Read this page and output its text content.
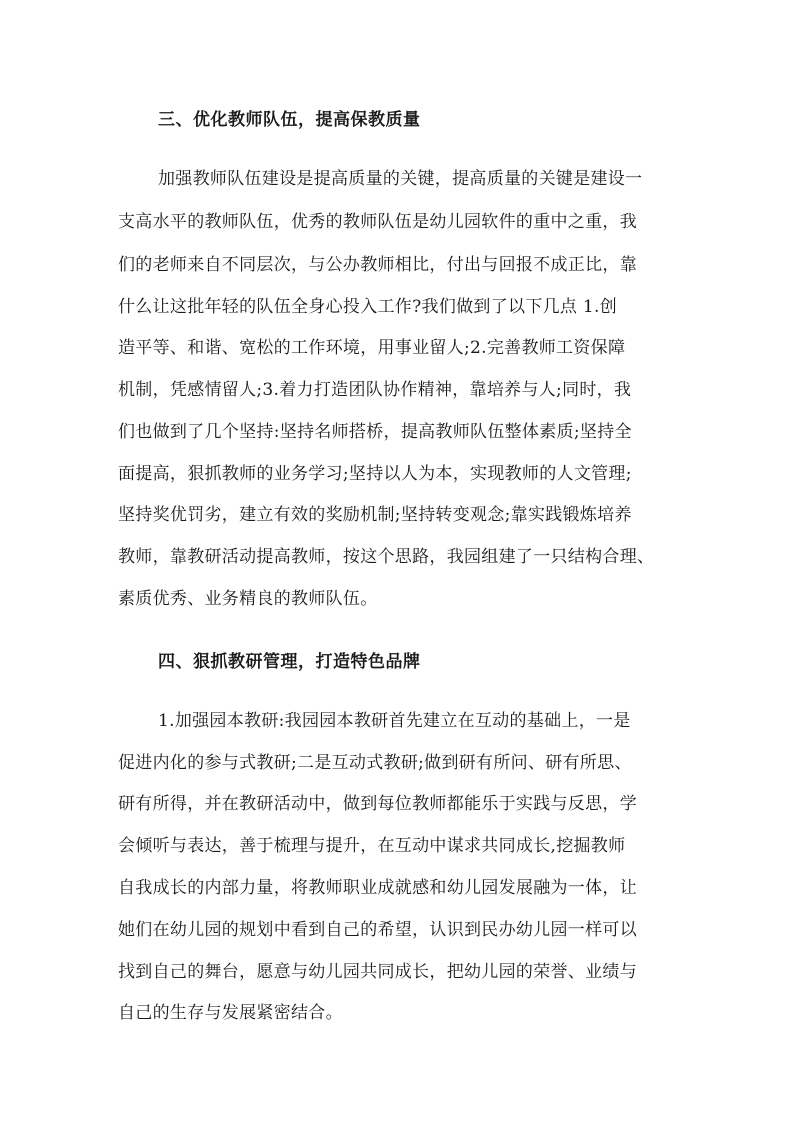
三、优化教师队伍，提高保教质量
加强教师队伍建设是提高质量的关键，提高质量的关键是建设一
支高水平的教师队伍，优秀的教师队伍是幼儿园软件的重中之重，我
们的老师来自不同层次，与公办教师相比，付出与回报不成正比，靠
什么让这批年轻的队伍全身心投入工作?我们做到了以下几点 1.创
造平等、和谐、宽松的工作环境，用事业留人;2.完善教师工资保障
机制，凭感情留人;3.着力打造团队协作精神，靠培养与人;同时，我
们也做到了几个坚持:坚持名师搭桥，提高教师队伍整体素质;坚持全
面提高，狠抓教师的业务学习;坚持以人为本，实现教师的人文管理;
坚持奖优罚劣，建立有效的奖励机制;坚持转变观念;靠实践锻炼培养
教师，靠教研活动提高教师，按这个思路，我园组建了一只结构合理、
素质优秀、业务精良的教师队伍。
四、狠抓教研管理，打造特色品牌
1.加强园本教研:我园园本教研首先建立在互动的基础上，一是
促进内化的参与式教研;二是互动式教研;做到研有所问、研有所思、
研有所得，并在教研活动中，做到每位教师都能乐于实践与反思，学
会倾听与表达，善于梳理与提升，在互动中谋求共同成长,挖掘教师
自我成长的内部力量，将教师职业成就感和幼儿园发展融为一体，让
她们在幼儿园的规划中看到自己的希望，认识到民办幼儿园一样可以
找到自己的舞台，愿意与幼儿园共同成长，把幼儿园的荣誉、业绩与
自己的生存与发展紧密结合。
